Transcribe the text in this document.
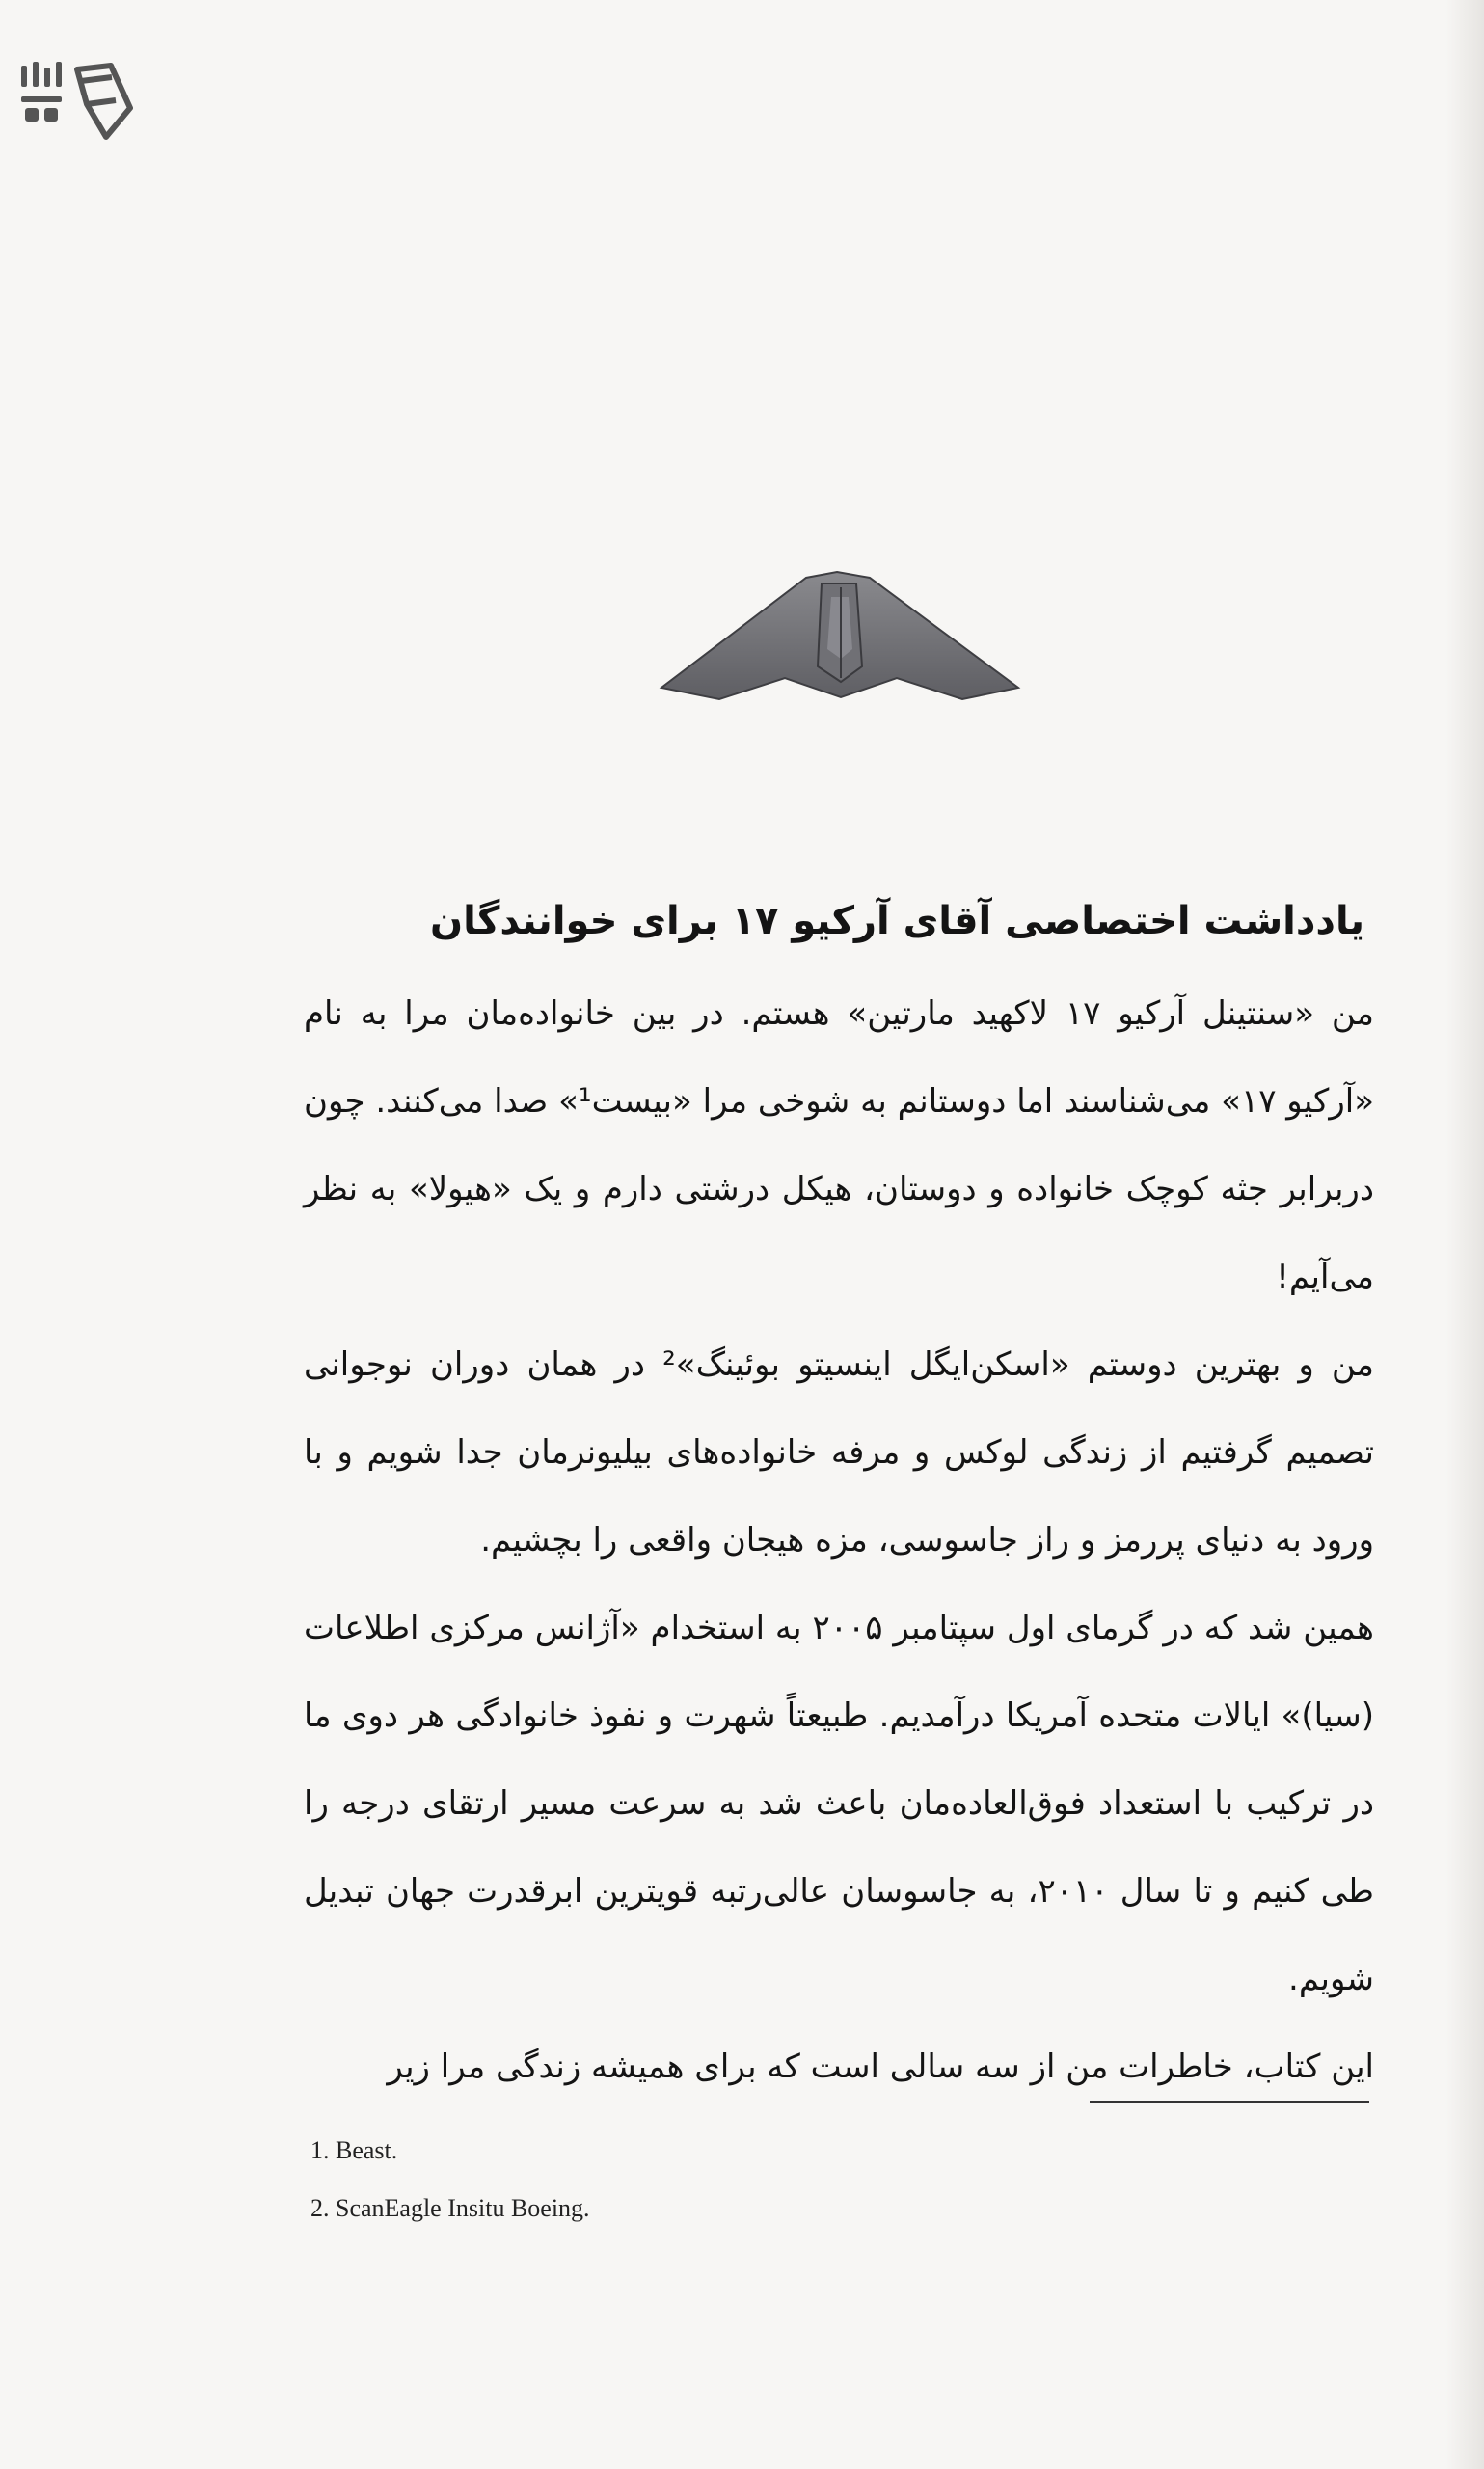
یادداشت اختصاصی آقای آرکیو ۱۷ برای خوانندگان

من «سنتینل آرکیو ۱۷ لاکهید مارتین» هستم. در بین خانواده‌مان مرا به نام «آرکیو ۱۷» می‌شناسند اما دوستانم به شوخی مرا «بیست¹» صدا می‌کنند. چون دربرابر جثه کوچک خانواده و دوستان، هیکل درشتی دارم و یک «هیولا» به نظر می‌آیم!

من و بهترین دوستم «اسکن‌ایگل اینسیتو بوئینگ»² در همان دوران نوجوانی تصمیم گرفتیم از زندگی لوکس و مرفه خانواده‌های بیلیونرمان جدا شویم و با ورود به دنیای پررمز و راز جاسوسی، مزه هیجان واقعی را بچشیم.

همین شد که در گرمای اول سپتامبر ۲۰۰۵ به استخدام «آژانس مرکزی اطلاعات (سیا)» ایالات متحده آمریکا درآمدیم. طبیعتاً شهرت و نفوذ خانوادگی هر دوی ما در ترکیب با استعداد فوق‌العاده‌مان باعث شد به سرعت مسیر ارتقای درجه را طی کنیم و تا سال ۲۰۱۰، به جاسوسان عالی‌رتبه قویترین ابرقدرت جهان تبدیل شویم.

این کتاب، خاطرات من از سه سالی است که برای همیشه زندگی مرا زیر

1. Beast.
2. ScanEagle Insitu Boeing.
